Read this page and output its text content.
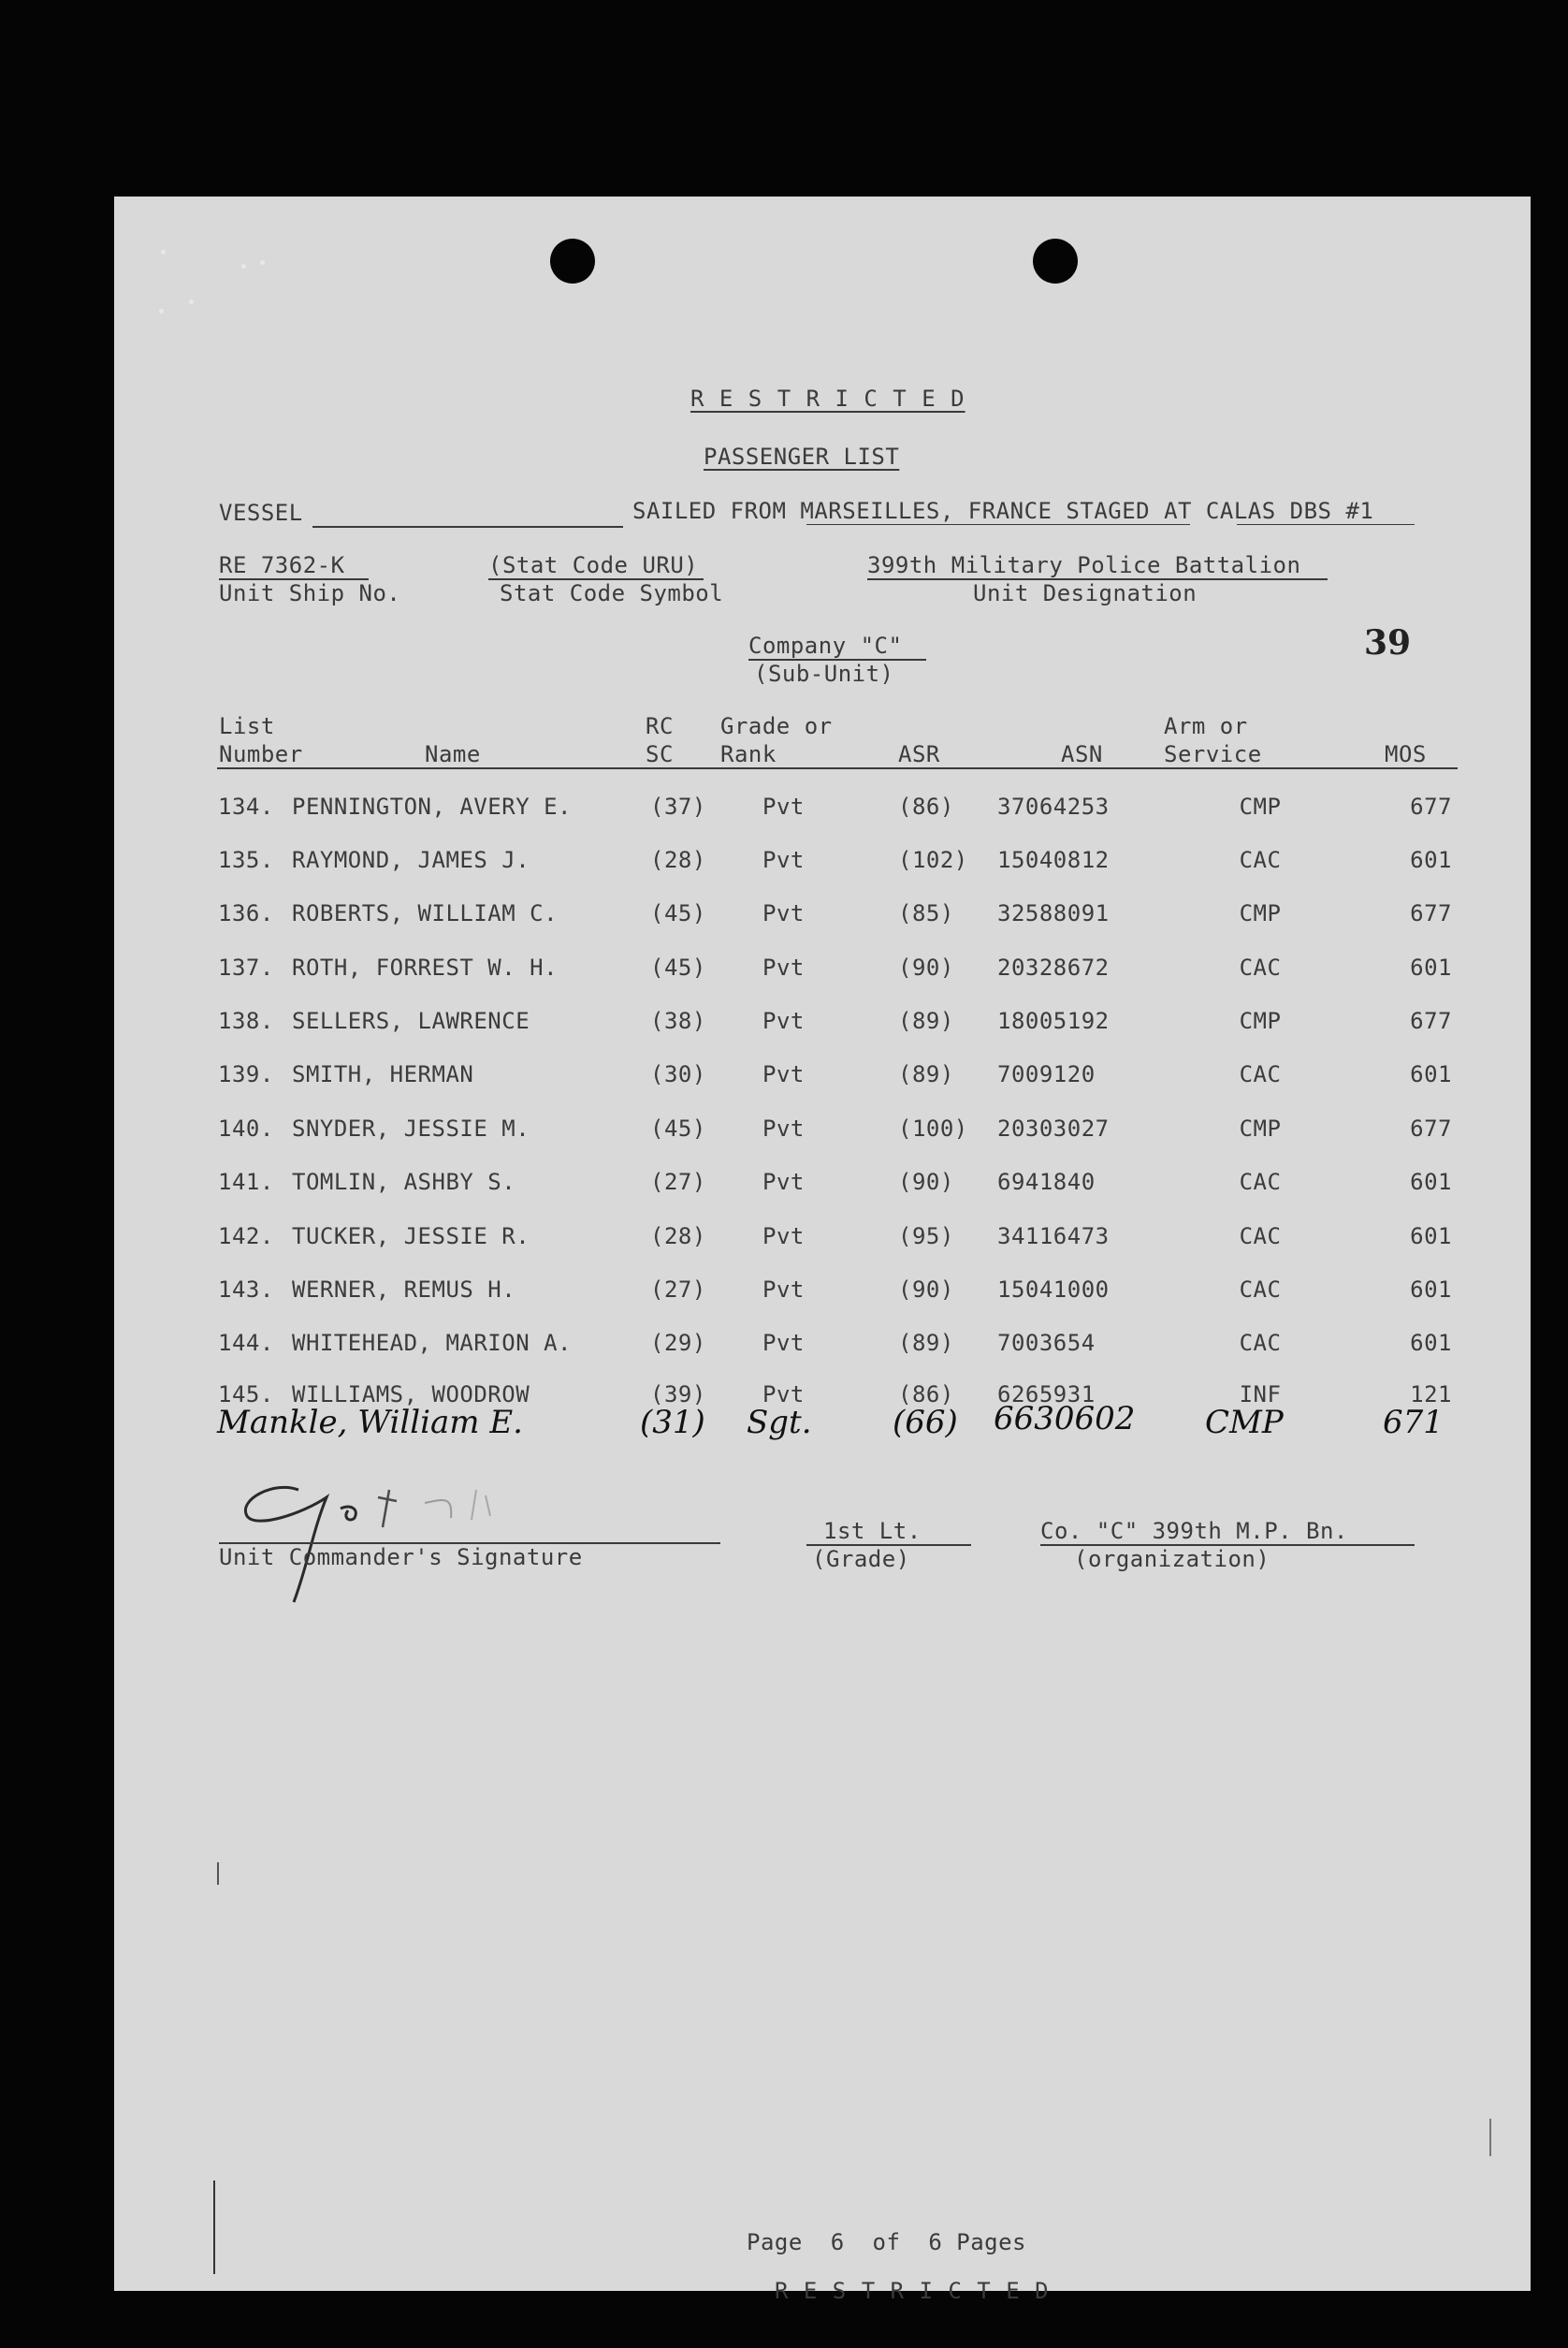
R E S T R I C T E D
PASSENGER LIST
VESSEL	SAILED FROM MARSEILLES, FRANCE STAGED AT CALAS DBS #1
RE 7362-K
Unit Ship No.
(Stat Code URU)
Stat Code Symbol
399th Military Police Battalion
Unit Designation
Company "C"
(Sub-Unit)
39
List
Number	Name
RC
SC
Grade or
Rank	ASR	ASN
Arm or
Service	MOS
134. PENNINGTON, AVERY E.	(37)	Pvt	(86) 37064253	CMP	677
135. RAYMOND, JAMES J.	(28)	Pvt	(102) 15040812	CAC	601
136. ROBERTS, WILLIAM C.	(45)	Pvt	(85) 32588091	CMP	677
137. ROTH, FORREST W. H.	(45)	Pvt	(90) 20328672	CAC	601
138. SELLERS, LAWRENCE	(38)	Pvt	(89) 18005192	CMP	677
139. SMITH, HERMAN	(30)	Pvt	(89) 7009120	CAC	601
140. SNYDER, JESSIE M.	(45)	Pvt	(100) 20303027	CMP	677
141. TOMLIN, ASHBY S.	(27)	Pvt	(90) 6941840	CAC	601
142. TUCKER, JESSIE R.	(28)	Pvt	(95) 34116473	CAC	601
143. WERNER, REMUS H.	(27)	Pvt	(90) 15041000	CAC	601
144. WHITEHEAD, MARION A.	(29)	Pvt	(89) 7003654	CAC	601
145. WILLIAMS, WOODROW	(39)	Pvt	(86) 6265931	INF	121
Mankle, William E.	(31) Sgt.	(66) 6630602 CMP	671
Unit Commander's Signature
1st Lt.
(Grade)
Co. "C" 399th M.P. Bn.
(organization)
Page  6  of  6 Pages
R E S T R I C T E D
